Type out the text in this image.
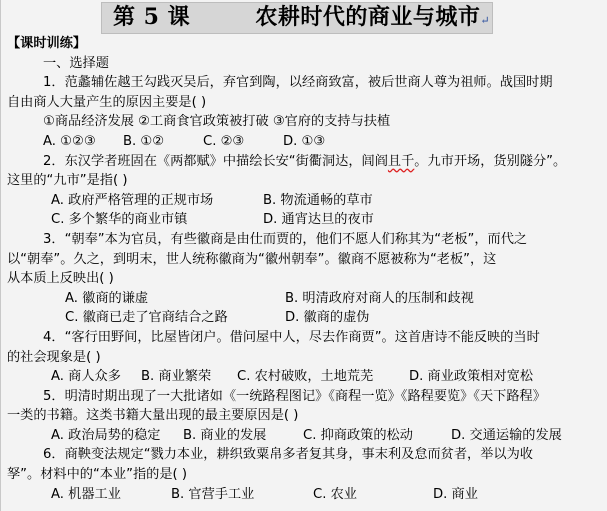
第 5 课        农耕时代的商业与城市↵
【课时训练】
一、选择题
1．范蠡辅佐越王勾践灭吴后，弃官到陶，以经商致富，被后世商人尊为祖师。战国时期
自由商人大量产生的原因主要是( )
①商品经济发展 ②工商食官政策被打破 ③官府的支持与扶植
A. ①②③ B. ①②	C. ②③	D. ①③
2．东汉学者班固在《两都赋》中描绘长安“街衢洞达，闾阎且千。九市开场，货别隧分”。
这里的“九市”是指( )
A. 政府严格管理的正规市场	B. 物流通畅的草市
C. 多个繁华的商业市镇	D. 通宵达旦的夜市
3．“朝奉”本为官员，有些徽商是由仕而贾的，他们不愿人们称其为“老板”，而代之
以“朝奉”。久之，到明末，世人统称徽商为“徽州朝奉”。徽商不愿被称为“老板”，这
从本质上反映出( )
A. 徽商的谦虚	B. 明清政府对商人的压制和歧视
C. 徽商已走了官商结合之路	D. 徽商的虚伪
4．“客行田野间，比屋皆闭户。借问屋中人，尽去作商贾”。这首唐诗不能反映的当时
的社会现象是( )
A. 商人众多 B. 商业繁荣 C. 农村破败，土地荒芜	D. 商业政策相对宽松
5．明清时期出现了一大批诸如《一统路程图记》《商程一览》《路程要览》《天下路程》
一类的书籍。这类书籍大量出现的最主要原因是( )
A. 政治局势的稳定 B. 商业的发展	C. 抑商政策的松动	D. 交通运输的发展
6．商鞅变法规定“戮力本业，耕织致粟帛多者复其身，事末利及怠而贫者，举以为收
孥”。材料中的“本业”指的是( )
A. 机器工业	B. 官营手工业	C. 农业	D. 商业
